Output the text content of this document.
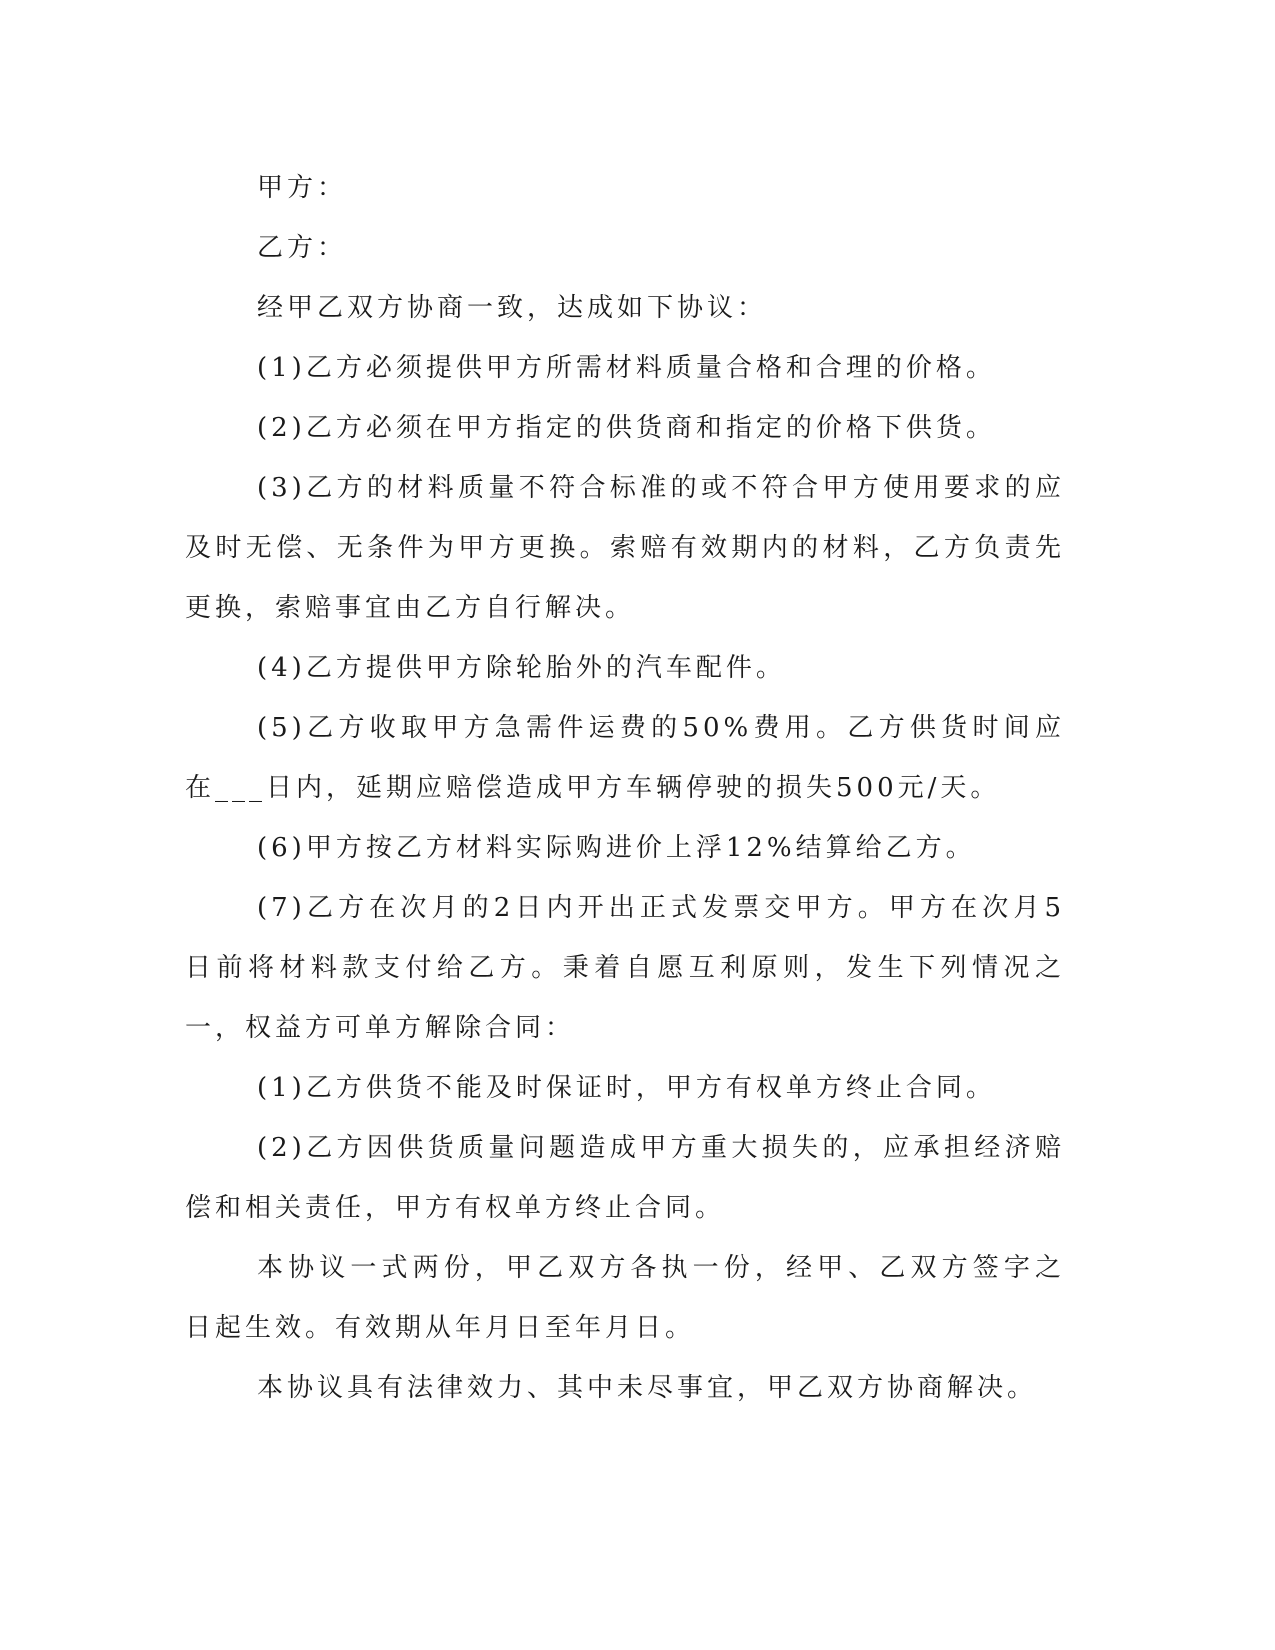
甲方：

乙方：

经甲乙双方协商一致，达成如下协议：

(1)乙方必须提供甲方所需材料质量合格和合理的价格。

(2)乙方必须在甲方指定的供货商和指定的价格下供货。

(3)乙方的材料质量不符合标准的或不符合甲方使用要求的应及时无偿、无条件为甲方更换。索赔有效期内的材料，乙方负责先更换，索赔事宜由乙方自行解决。

(4)乙方提供甲方除轮胎外的汽车配件。

(5)乙方收取甲方急需件运费的50%费用。乙方供货时间应在___日内，延期应赔偿造成甲方车辆停驶的损失500元/天。

(6)甲方按乙方材料实际购进价上浮12%结算给乙方。

(7)乙方在次月的2日内开出正式发票交甲方。甲方在次月5日前将材料款支付给乙方。秉着自愿互利原则，发生下列情况之一，权益方可单方解除合同：

(1)乙方供货不能及时保证时，甲方有权单方终止合同。

(2)乙方因供货质量问题造成甲方重大损失的，应承担经济赔偿和相关责任，甲方有权单方终止合同。

本协议一式两份，甲乙双方各执一份，经甲、乙双方签字之日起生效。有效期从年月日至年月日。

本协议具有法律效力、其中未尽事宜，甲乙双方协商解决。
